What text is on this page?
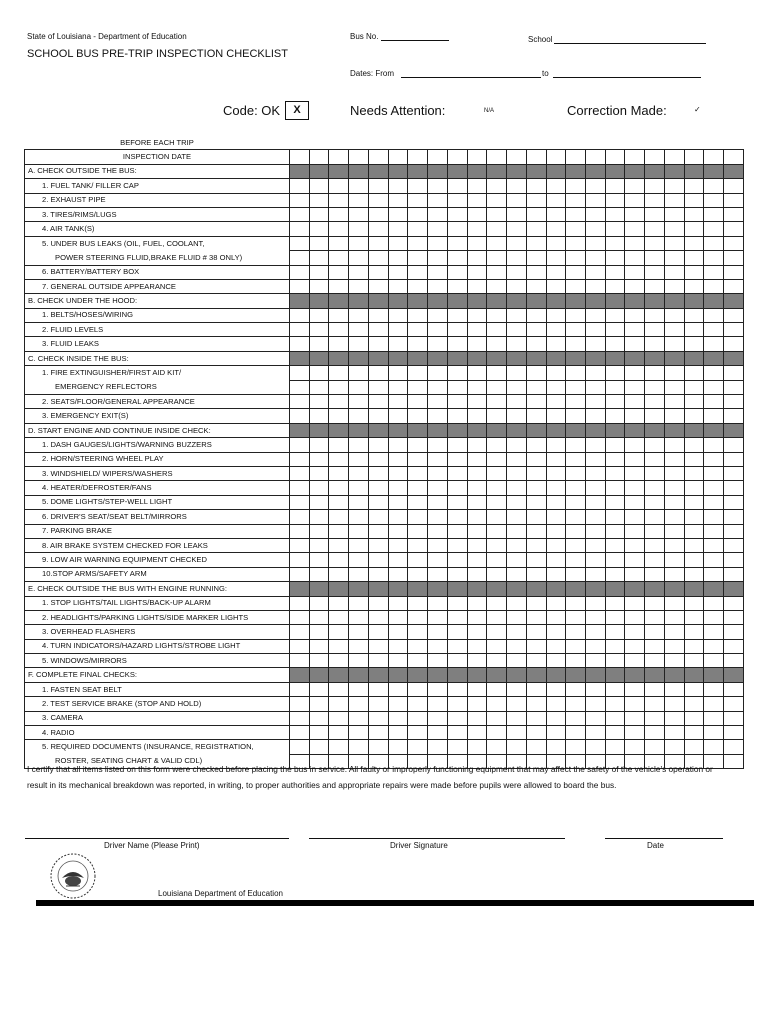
State of Louisiana - Department of Education
SCHOOL BUS PRE-TRIP INSPECTION CHECKLIST
Bus No.	School
Dates: From	to
Code: OK	X	Needs Attention:	N/A	Correction Made:	✓
BEFORE EACH TRIP																							
INSPECTION DATE																							
A. CHECK OUTSIDE THE BUS:																							
1. FUEL TANK/ FILLER CAP																							
2. EXHAUST PIPE																							
3. TIRES/RIMS/LUGS																							
4. AIR TANK(S)																							
5. UNDER BUS LEAKS (OIL, FUEL, COOLANT,																							
POWER STEERING FLUID,BRAKE FLUID # 38 ONLY)																							
6. BATTERY/BATTERY BOX																							
7. GENERAL OUTSIDE APPEARANCE																							
B. CHECK UNDER THE HOOD:																							
1. BELTS/HOSES/WIRING																							
2. FLUID LEVELS																							
3. FLUID LEAKS																							
C. CHECK INSIDE THE BUS:																							
1. FIRE EXTINGUISHER/FIRST AID KIT/																							
EMERGENCY REFLECTORS																							
2. SEATS/FLOOR/GENERAL APPEARANCE																							
3. EMERGENCY EXIT(S)																							
D. START ENGINE AND CONTINUE INSIDE CHECK:																							
1. DASH GAUGES/LIGHTS/WARNING BUZZERS																							
2. HORN/STEERING WHEEL PLAY																							
3. WINDSHIELD/ WIPERS/WASHERS																							
4. HEATER/DEFROSTER/FANS																							
5. DOME LIGHTS/STEP-WELL LIGHT																							
6. DRIVER'S SEAT/SEAT BELT/MIRRORS																							
7. PARKING BRAKE																							
8. AIR BRAKE SYSTEM CHECKED FOR LEAKS																							
9. LOW AIR WARNING EQUIPMENT CHECKED																							
10.STOP ARMS/SAFETY ARM																							
E. CHECK OUTSIDE THE BUS WITH ENGINE RUNNING:																							
1. STOP LIGHTS/TAIL LIGHTS/BACK-UP ALARM																							
2. HEADLIGHTS/PARKING LIGHTS/SIDE MARKER LIGHTS																							
3. OVERHEAD FLASHERS																							
4. TURN INDICATORS/HAZARD LIGHTS/STROBE LIGHT																							
5. WINDOWS/MIRRORS																							
F. COMPLETE FINAL CHECKS:																							
1. FASTEN SEAT BELT																							
2. TEST SERVICE BRAKE (STOP AND HOLD)																							
3. CAMERA																							
4. RADIO																							
5. REQUIRED DOCUMENTS (INSURANCE, REGISTRATION,																							
ROSTER, SEATING CHART & VALID CDL)																							
I certify that all items listed on this form were checked before placing the bus in service. All faulty or improperly functioning equipment that may affect the safety of the vehicle's operation or result in its mechanical breakdown was reported, in writing, to proper authorities and appropriate repairs were made before pupils were allowed to board the bus.
Driver Name (Please Print)	Driver Signature	Date
Louisiana Department of Education
